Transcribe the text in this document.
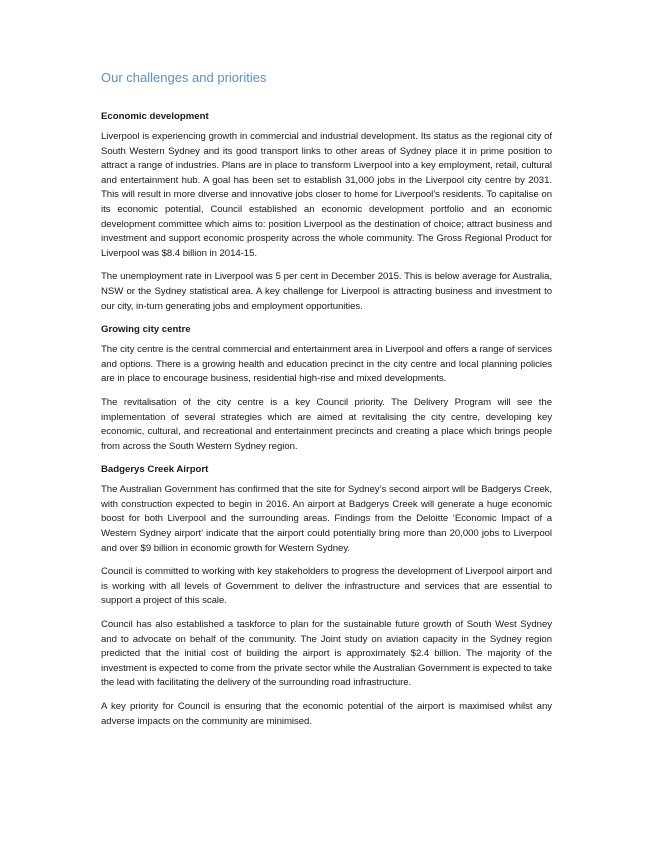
Our challenges and priorities
Economic development

Liverpool is experiencing growth in commercial and industrial development. Its status as the regional city of South Western Sydney and its good transport links to other areas of Sydney place it in prime position to attract a range of industries. Plans are in place to transform Liverpool into a key employment, retail, cultural and entertainment hub. A goal has been set to establish 31,000 jobs in the Liverpool city centre by 2031. This will result in more diverse and innovative jobs closer to home for Liverpool’s residents. To capitalise on its economic potential, Council established an economic development portfolio and an economic development committee which aims to: position Liverpool as the destination of choice; attract business and investment and support economic prosperity across the whole community. The Gross Regional Product for Liverpool was $8.4 billion in 2014-15.

The unemployment rate in Liverpool was 5 per cent in December 2015. This is below average for Australia, NSW or the Sydney statistical area. A key challenge for Liverpool is attracting business and investment to our city, in-turn generating jobs and employment opportunities.

Growing city centre

The city centre is the central commercial and entertainment area in Liverpool and offers a range of services and options. There is a growing health and education precinct in the city centre and local planning policies are in place to encourage business, residential high-rise and mixed developments.

The revitalisation of the city centre is a key Council priority. The Delivery Program will see the implementation of several strategies which are aimed at revitalising the city centre, developing key economic, cultural, and recreational and entertainment precincts and creating a place which brings people from across the South Western Sydney region.

Badgerys Creek Airport

The Australian Government has confirmed that the site for Sydney’s second airport will be Badgerys Creek, with construction expected to begin in 2016. An airport at Badgerys Creek will generate a huge economic boost for both Liverpool and the surrounding areas. Findings from the Deloitte ‘Economic Impact of a Western Sydney airport’ indicate that the airport could potentially bring more than 20,000 jobs to Liverpool and over $9 billion in economic growth for Western Sydney.

Council is committed to working with key stakeholders to progress the development of Liverpool airport and is working with all levels of Government to deliver the infrastructure and services that are essential to support a project of this scale.

Council has also established a taskforce to plan for the sustainable future growth of South West Sydney and to advocate on behalf of the community. The Joint study on aviation capacity in the Sydney region predicted that the initial cost of building the airport is approximately $2.4 billion. The majority of the investment is expected to come from the private sector while the Australian Government is expected to take the lead with facilitating the delivery of the surrounding road infrastructure.

A key priority for Council is ensuring that the economic potential of the airport is maximised whilst any adverse impacts on the community are minimised.
